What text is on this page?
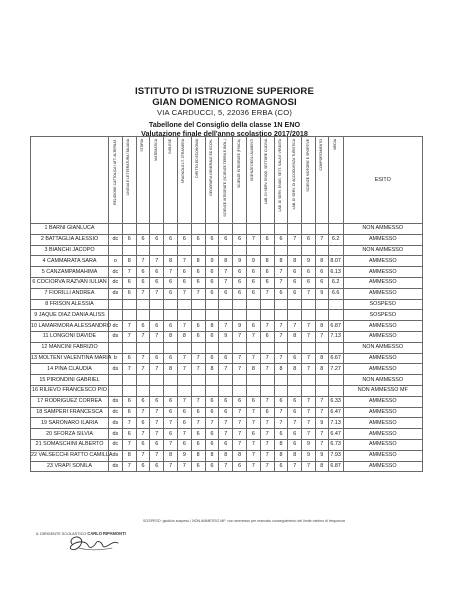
ISTITUTO DI ISTRUZIONE SUPERIORE
GIAN DOMENICO ROMAGNOSI
VIA CARDUCCI, 5, 22036 ERBA (CO)
Tabellone del Consiglio della classe 1N ENO
Valutazione finale dell'anno scolastico 2017/2018
	RELIGIONE CATTOLICA / ATT. ALTERNAT.	LINGUA E LETTERATURA ITALIANA	STORIA	MATEMATICA	INGLESE	SPAGNOLO LT. STRANIERA	DIRITTO ED ECONOMIA	GEOGRAFIA GENERALE ED ECON.	SCIENZE INTEGRATE (SCIENZE TERRA E BIOL.)	SCIENZE INTEGRATE (FISICA)	SCIENZE DEGLI ALIMENTI	LAB. DI SERV. ENOG. SETTORE CUCINA	LAB. DI SERV. ENOG. SETT. SALA E VENDITA	LAB. DI SERV. DI ACCOGLIENZA TURISTICA	SCIENZE MOTORIE E SPORTIVE	COMPORTAMENTO	MEDIA	ESITO
1 BARNI GIANLUCA																		NON AMMESSO
2 BATTAGLIA ALESSIO	dc	6	6	6	6	6	6	6	6	6	7	6	6	7	6	7	6.2	AMMESSO
3 BIANCHI JACOPO																		NON AMMESSO
4 CAMMARATA SARA	o	8	7	7	8	7	8	9	8	9	9	8	8	8	9	8	8.07	AMMESSO
5 CANZAMPAMAHIMA	dc	7	6	6	7	6	6	6	7	6	6	6	7	6	6	6	6.13	AMMESSO
6 COCIORVA RAZVAN IULIAN	dc	6	6	6	6	6	6	6	7	6	6	6	7	6	6	6	6.2	AMMESSO
7 FIORILLI ANDREA	ds	6	7	7	6	7	7	6	6	6	6	7	6	6	7	9	6.6	AMMESSO
8 FRISON ALESSIA																		SOSPESO
9 JAQUE DIAZ DANIA ALISS																		SOSPESO
10 LAMARMORA ALESSANDRO	dc	7	6	6	6	7	6	8	7	9	6	7	7	7	7	8	6.87	AMMESSO
11 LONGONI DAVIDE	ds	7	7	7	8	8	6	6	9	7	7	6	7	8	7	7	7.13	AMMESSO
12 MANCINI FABRIZIO																		NON AMMESSO
13 MOLTENI VALENTINA MARIA	b	6	7	6	6	7	7	6	6	7	7	7	7	6	7	8	6.67	AMMESSO
14 PINA CLAUDIA	ds	7	7	7	8	7	7	8	7	7	8	7	8	8	7	8	7.27	AMMESSO
15 PIRONDINI GABRIEL																		NON AMMESSO
16 RILIEVO FRANCESCO PIO																		NON AMMESSO MF
17 RODRIGUEZ CORREA	ds	6	6	6	6	7	7	6	6	6	6	7	6	6	7	7	6.33	AMMESSO
18 SAMPERI FRANCESCA	dc	6	7	7	6	6	6	6	6	7	7	6	7	6	7	7	6.47	AMMESSO
19 SARONARO ILARIA	ds	7	6	7	7	6	7	7	7	7	7	7	7	7	7	9	7.13	AMMESSO
20 SFORZA SILVIA	ds	6	7	7	6	7	6	6	7	7	6	7	6	6	7	7	6.47	AMMESSO
21 SOMASCHINI ALBERTO	dc	7	6	6	7	6	6	6	6	7	7	7	8	6	9	7	6.73	AMMESSO
22 VALSECCHI RATTO CAMILLA	ds	8	7	7	8	9	8	8	8	8	7	7	8	8	9	9	7.93	AMMESSO
23 VRAPI SONILA	ds	7	6	6	7	7	6	6	7	6	7	7	6	7	7	8	6.87	AMMESSO
SOSPESO: giudizio sospeso / NON AMMESSO MF: non ammesso per mancato conseguimento del limite minimo di frequenza
IL DIRIGENTE SCOLASTICO CARLO RIPAMONTI
